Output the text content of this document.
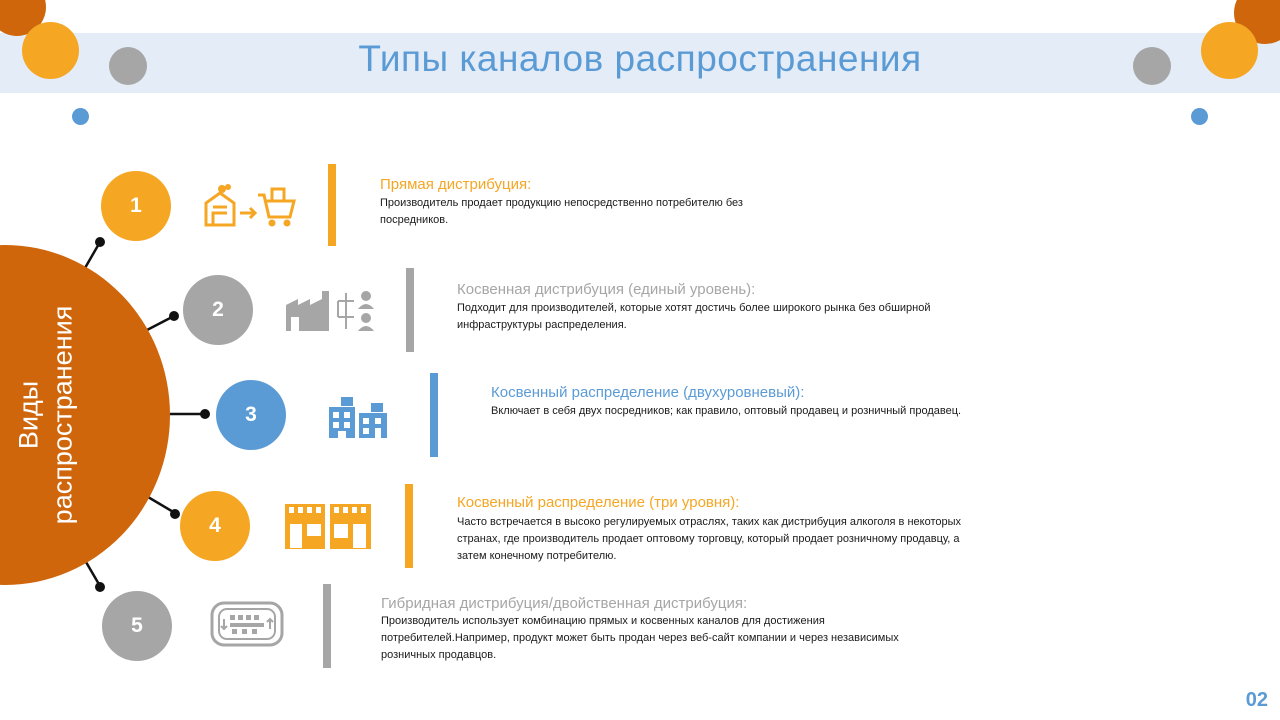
Типы каналов распространения
Виды распространения
1
2
3
4
5
Прямая дистрибуция:
Производитель продает продукцию непосредственно потребителю без посредников.
Косвенная дистрибуция (единый уровень):
Подходит для производителей, которые хотят достичь более широкого рынка без обширной инфраструктуры распределения.
Косвенный распределение (двухуровневый):
Включает в себя двух посредников; как правило, оптовый продавец и розничный продавец.
Косвенный распределение (три уровня):
Часто встречается в высоко регулируемых отраслях, таких как дистрибуция алкоголя в некоторых странах, где производитель продает оптовому торговцу, который продает розничному продавцу, а затем конечному потребителю.
Гибридная дистрибуция/двойственная дистрибуция:
Производитель использует комбинацию прямых и косвенных каналов для достижения потребителей.Например, продукт может быть продан через веб-сайт компании и через независимых розничных продавцов.
02
